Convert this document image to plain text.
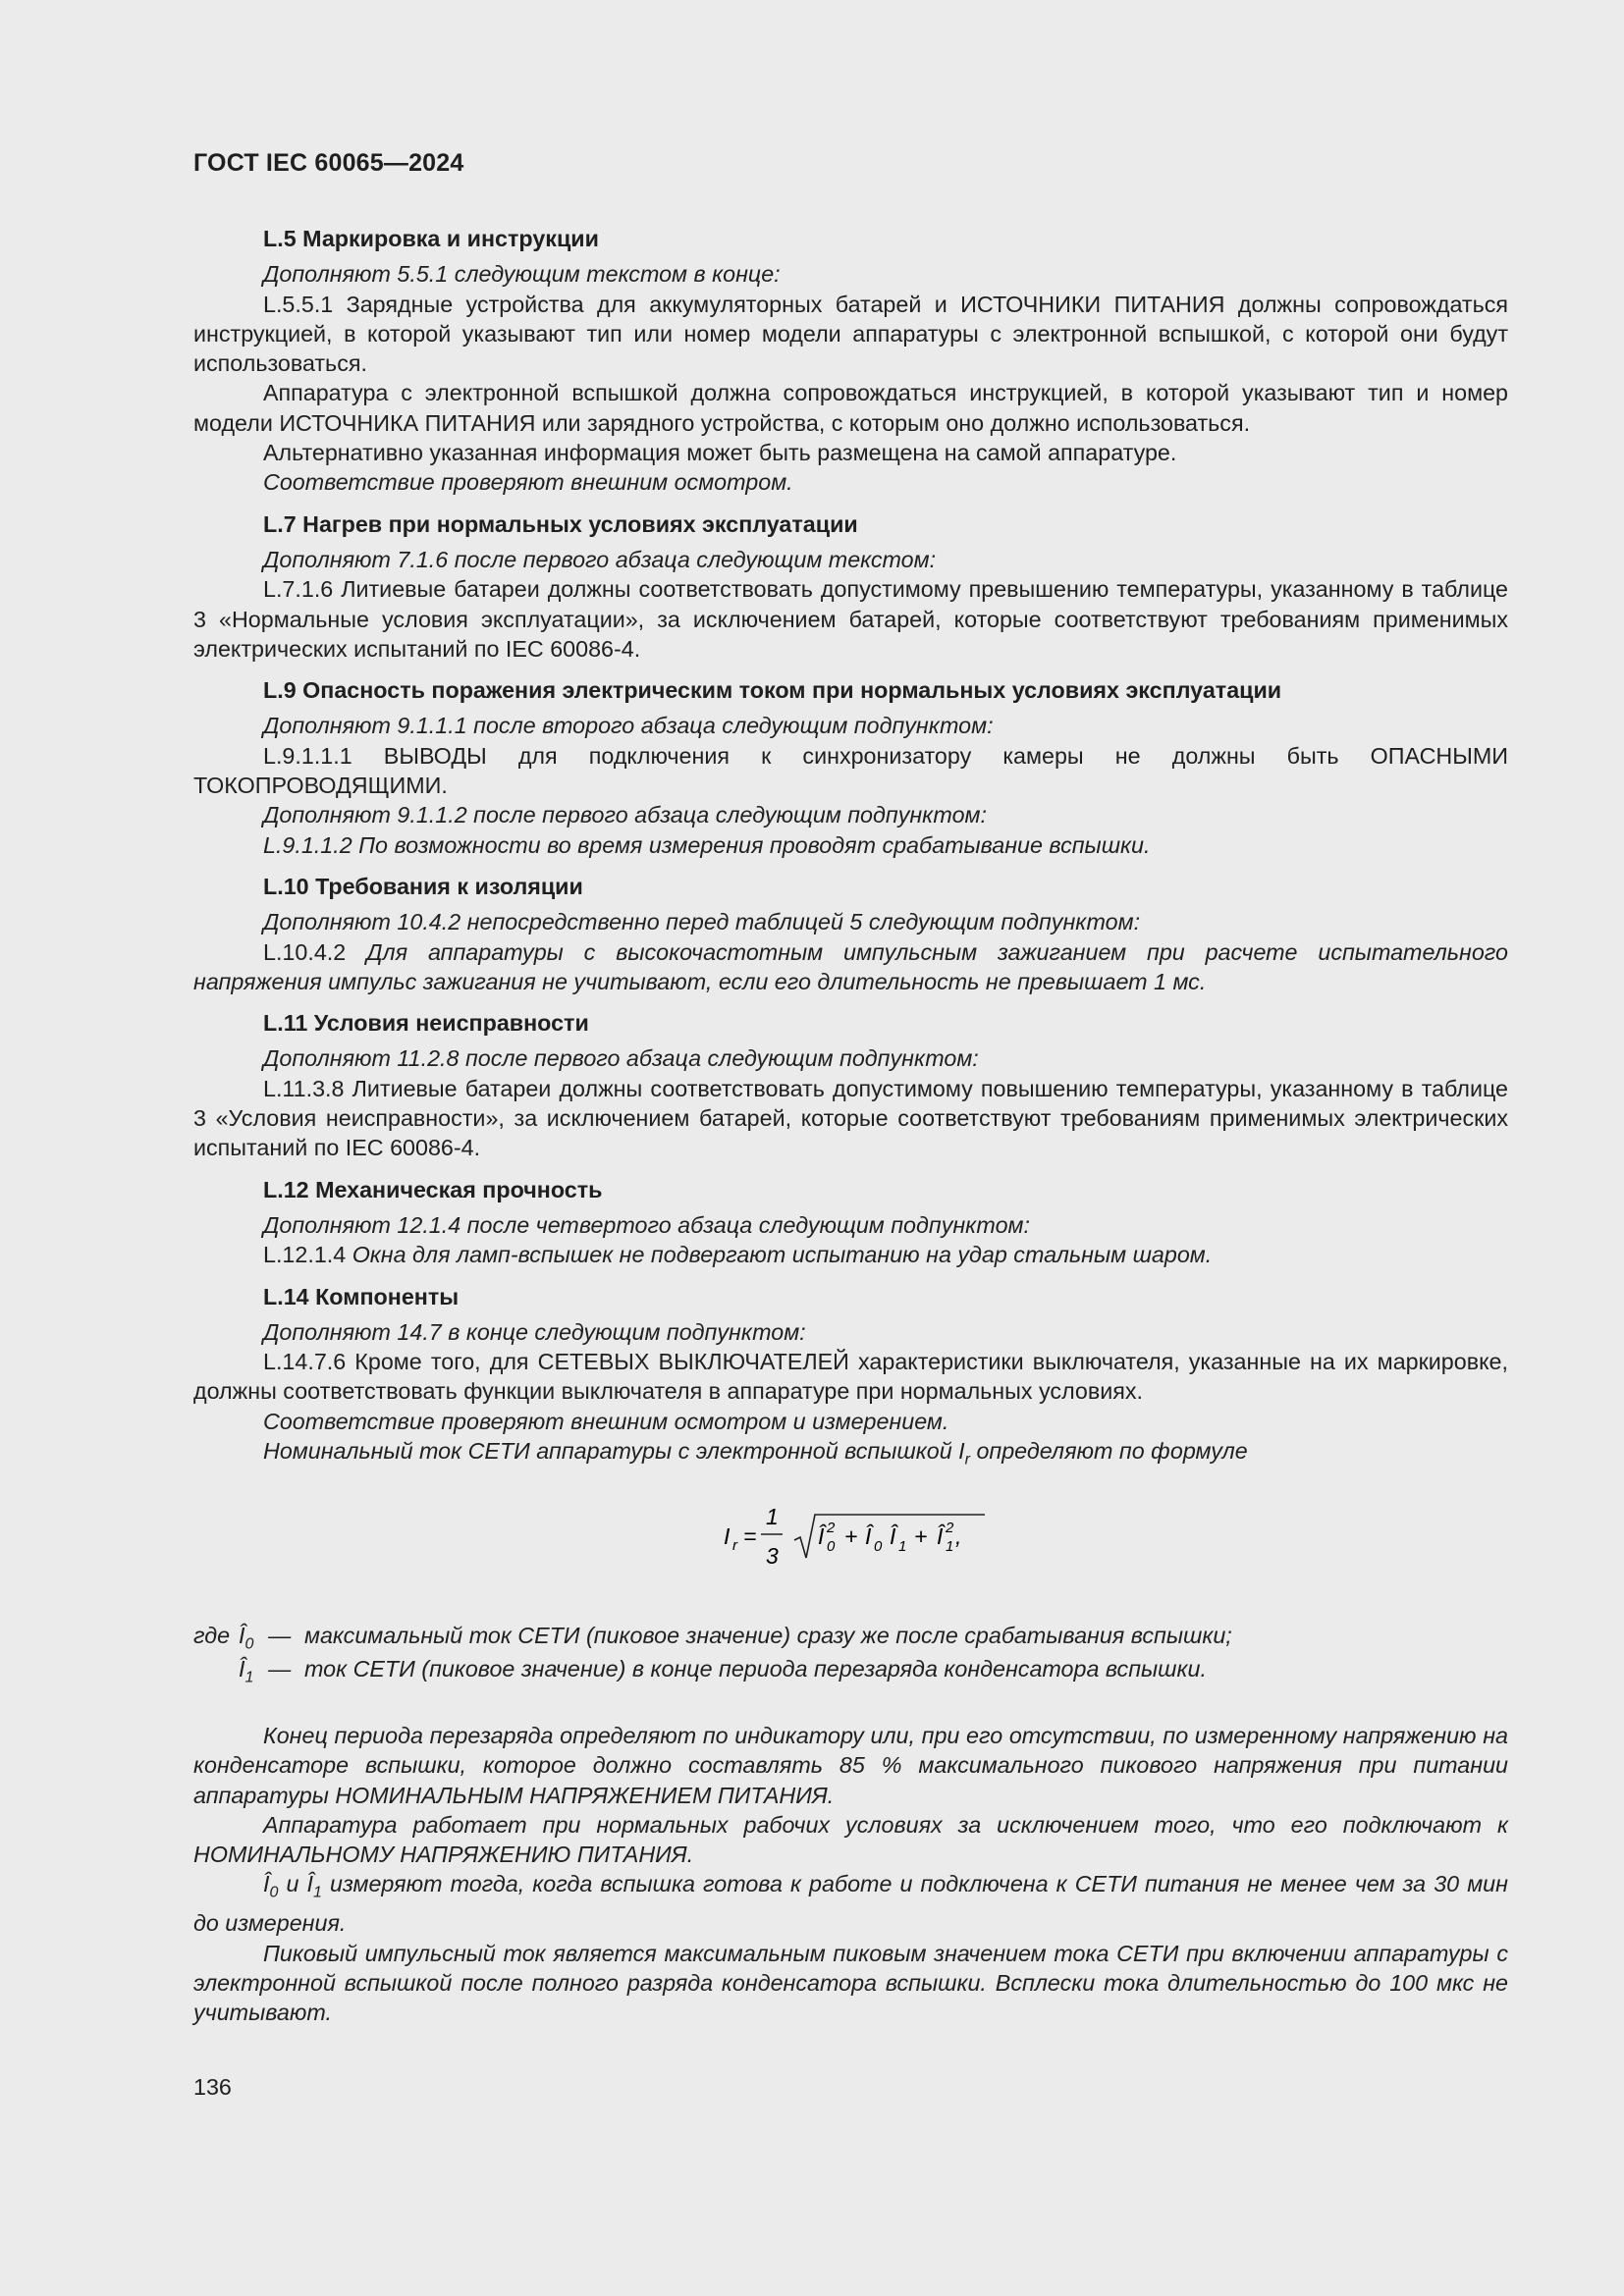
ГОСТ IEC 60065—2024
L.5 Маркировка и инструкции

Дополняют 5.5.1 следующим текстом в конце:

L.5.5.1 Зарядные устройства для аккумуляторных батарей и ИСТОЧНИКИ ПИТАНИЯ должны сопровождаться инструкцией, в которой указывают тип или номер модели аппаратуры с электронной вспышкой, с которой они будут использоваться.

Аппаратура с электронной вспышкой должна сопровождаться инструкцией, в которой указывают тип и номер модели ИСТОЧНИКА ПИТАНИЯ или зарядного устройства, с которым оно должно использоваться.

Альтернативно указанная информация может быть размещена на самой аппаратуре.

Соответствие проверяют внешним осмотром.

L.7 Нагрев при нормальных условиях эксплуатации

Дополняют 7.1.6 после первого абзаца следующим текстом:

L.7.1.6 Литиевые батареи должны соответствовать допустимому превышению температуры, указанному в таблице 3 «Нормальные условия эксплуатации», за исключением батарей, которые соответствуют требованиям применимых электрических испытаний по IEC 60086-4.

L.9 Опасность поражения электрическим током при нормальных условиях эксплуатации

Дополняют 9.1.1.1 после второго абзаца следующим подпунктом:

L.9.1.1.1 ВЫВОДЫ для подключения к синхронизатору камеры не должны быть ОПАСНЫМИ ТОКОПРОВОДЯЩИМИ.

Дополняют 9.1.1.2 после первого абзаца следующим подпунктом:

L.9.1.1.2 По возможности во время измерения проводят срабатывание вспышки.

L.10 Требования к изоляции

Дополняют 10.4.2 непосредственно перед таблицей 5 следующим подпунктом:

L.10.4.2 Для аппаратуры с высокочастотным импульсным зажиганием при расчете испытательного напряжения импульс зажигания не учитывают, если его длительность не превышает 1 мс.

L.11 Условия неисправности

Дополняют 11.2.8 после первого абзаца следующим подпунктом:

L.11.3.8 Литиевые батареи должны соответствовать допустимому повышению температуры, указанному в таблице 3 «Условия неисправности», за исключением батарей, которые соответствуют требованиям применимых электрических испытаний по IEC 60086-4.

L.12 Механическая прочность

Дополняют 12.1.4 после четвертого абзаца следующим подпунктом:

L.12.1.4 Окна для ламп-вспышек не подвергают испытанию на удар стальным шаром.

L.14 Компоненты

Дополняют 14.7 в конце следующим подпунктом:

L.14.7.6 Кроме того, для СЕТЕВЫХ ВЫКЛЮЧАТЕЛЕЙ характеристики выключателя, указанные на их маркировке, должны соответствовать функции выключателя в аппаратуре при нормальных условиях.

Соответствие проверяют внешним осмотром и измерением.

Номинальный ток СЕТИ аппаратуры с электронной вспышкой $I_r$ определяют по формуле

I r =
1
3
Î 2
0 + Î 0 Î 1 + Î 2
1 ,
где $Î_0$ — максимальный ток СЕТИ (пиковое значение) сразу же после срабатывания вспышки;
$Î_1$ — ток СЕТИ (пиковое значение) в конце периода перезаряда конденсатора вспышки.

Конец периода перезаряда определяют по индикатору или, при его отсутствии, по измеренному напряжению на конденсаторе вспышки, которое должно составлять 85 % максимального пикового напряжения при питании аппаратуры НОМИНАЛЬНЫМ НАПРЯЖЕНИЕМ ПИТАНИЯ.

Аппаратура работает при нормальных рабочих условиях за исключением того, что его подключают к НОМИНАЛЬНОМУ НАПРЯЖЕНИЮ ПИТАНИЯ.

$Î_0$ и $Î_1$ измеряют тогда, когда вспышка готова к работе и подключена к СЕТИ питания не менее чем за 30 мин до измерения.

Пиковый импульсный ток является максимальным пиковым значением тока СЕТИ при включении аппаратуры с электронной вспышкой после полного разряда конденсатора вспышки. Всплески тока длительностью до 100 мкс не учитывают.

136
